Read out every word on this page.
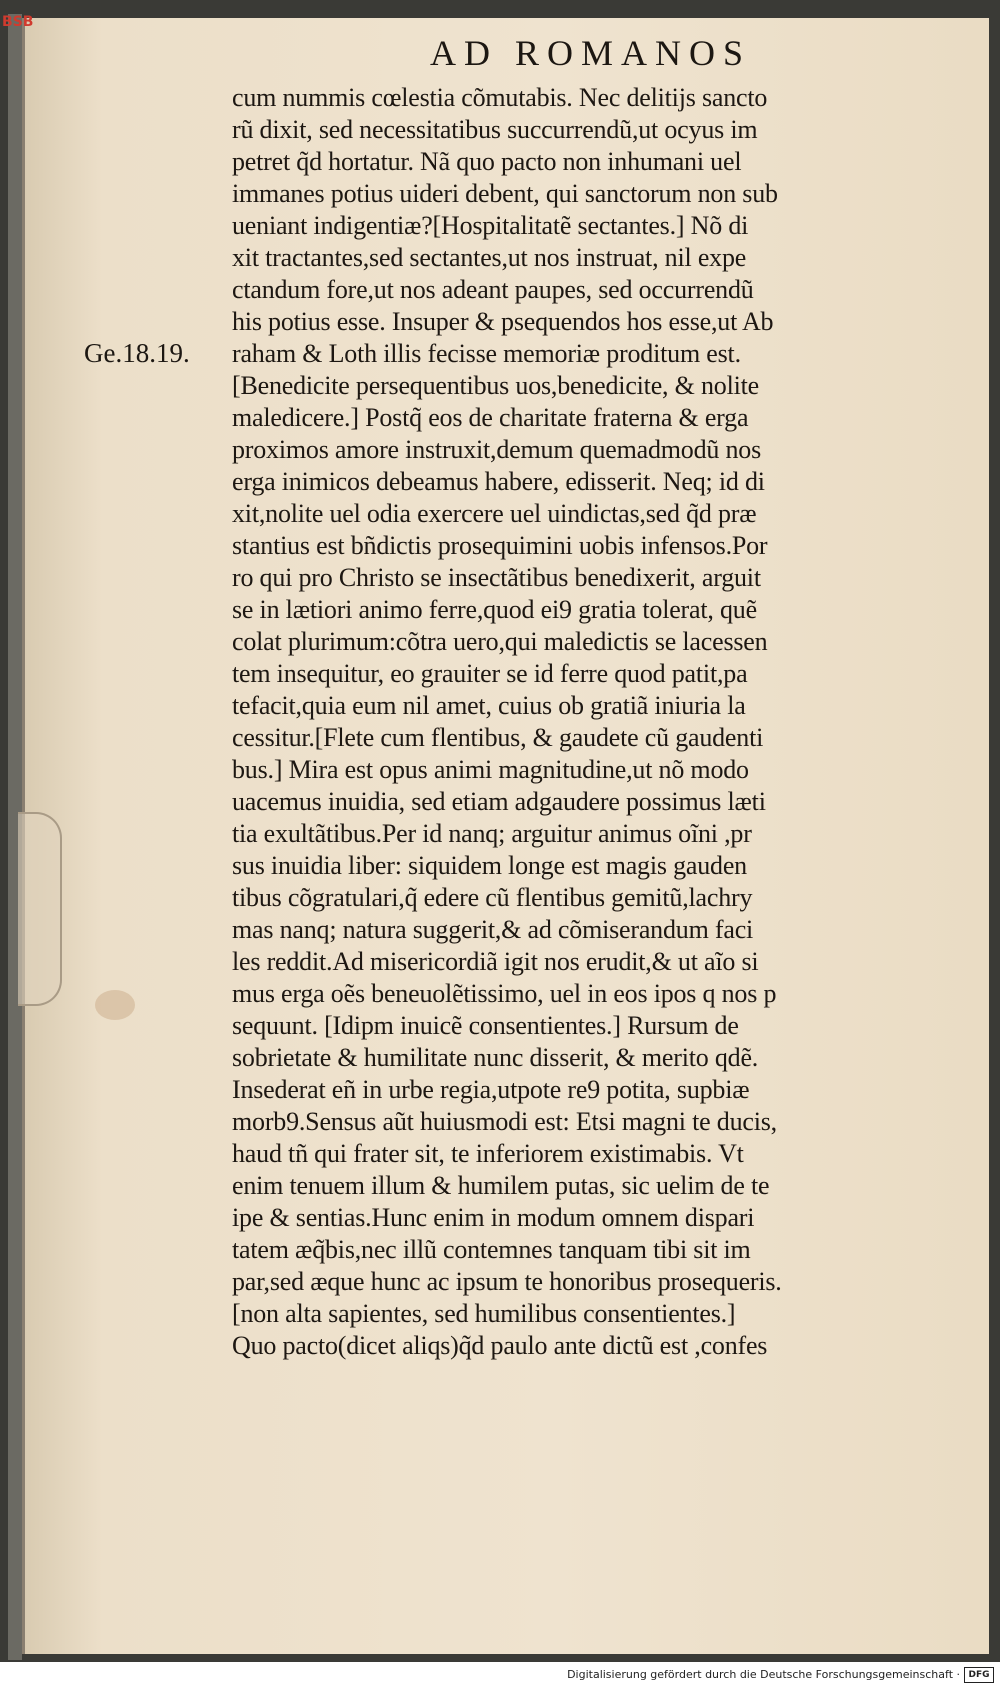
BSB
AD ROMANOS
Ge.18.19.
cum nummis cœlestia cõmutabis. Nec delitijs sancto
rũ dixit, sed necessitatibus succurrendũ,ut ocyus im
petret q̃d hortatur. Nã quo pacto non inhumani uel
immanes potius uideri debent, qui sanctorum non sub
ueniant indigentiæ?[Hospitalitatẽ sectantes.] Nõ di
xit tractantes,sed sectantes,ut nos instruat, nil expe
ctandum fore,ut nos adeant paupes, sed occurrendũ
his potius esse. Insuper & psequendos hos esse,ut Ab
raham & Loth illis fecisse memoriæ proditum est.
[Benedicite persequentibus uos,benedicite, & nolite
maledicere.] Postq̃ eos de charitate fraterna & erga
proximos amore instruxit,demum quemadmodũ nos
erga inimicos debeamus habere, edisserit. Neq; id di
xit,nolite uel odia exercere uel uindictas,sed q̃d præ
stantius est bñdictis prosequimini uobis infensos.Por
ro qui pro Christo se insectãtibus benedixerit, arguit
se in lætiori animo ferre,quod ei9 gratia tolerat, quẽ
colat plurimum:cõtra uero,qui maledictis se lacessen
tem insequitur, eo grauiter se id ferre quod patit,pa
tefacit,quia eum nil amet, cuius ob gratiã iniuria la
cessitur.[Flete cum flentibus, & gaudete cũ gaudenti
bus.] Mira est opus animi magnitudine,ut nõ modo
uacemus inuidia, sed etiam adgaudere possimus læti
tia exultãtibus.Per id nanq; arguitur animus oĩni ,pr
sus inuidia liber: siquidem longe est magis gauden
tibus cõgratulari,q̃ edere cũ flentibus gemitũ,lachry
mas nanq; natura suggerit,& ad cõmiserandum faci
les reddit.Ad misericordiã igit nos erudit,& ut aĩo si
mus erga oẽs beneuolẽtissimo, uel in eos ipos q nos p
sequunt. [Idipm inuicẽ consentientes.] Rursum de
sobrietate & humilitate nunc disserit, & merito qdẽ.
Insederat eñ in urbe regia,utpote re9 potita, supbiæ
morb9.Sensus aũt huiusmodi est: Etsi magni te ducis,
haud tñ qui frater sit, te inferiorem existimabis. Vt
enim tenuem illum & humilem putas, sic uelim de te
ipe & sentias.Hunc enim in modum omnem dispari
tatem æq̃bis,nec illũ contemnes tanquam tibi sit im
par,sed æque hunc ac ipsum te honoribus prosequeris.
[non alta sapientes, sed humilibus consentientes.]
Quo pacto(dicet aliqs)q̃d paulo ante dictũ est ,confes
Digitalisierung gefördert durch die Deutsche Forschungsgemeinschaft · DFG
